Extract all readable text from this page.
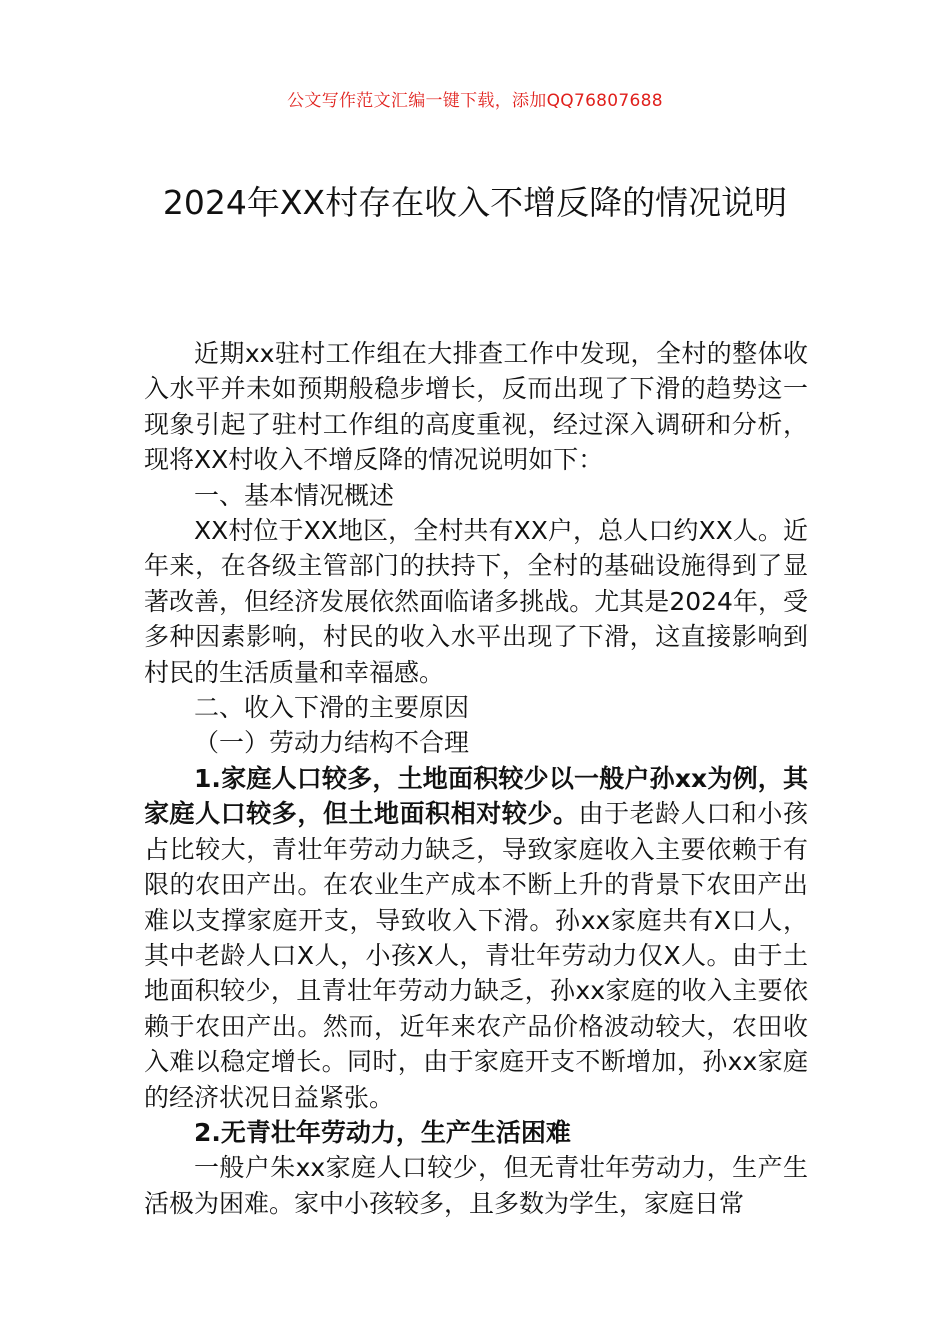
公文写作范文汇编一键下载，添加QQ76807688
2024年XX村存在收入不增反降的情况说明

近期xx驻村工作组在大排查工作中发现，全村的整体收入水平并未如预期般稳步增长，反而出现了下滑的趋势这一现象引起了驻村工作组的高度重视，经过深入调研和分析，现将XX村收入不增反降的情况说明如下：

一、基本情况概述

XX村位于XX地区，全村共有XX户，总人口约XX人。近年来，在各级主管部门的扶持下，全村的基础设施得到了显著改善，但经济发展依然面临诸多挑战。尤其是2024年，受多种因素影响，村民的收入水平出现了下滑，这直接影响到村民的生活质量和幸福感。

二、收入下滑的主要原因

（一）劳动力结构不合理

1.家庭人口较多，土地面积较少以一般户孙xx为例，其家庭人口较多，但土地面积相对较少。由于老龄人口和小孩占比较大，青壮年劳动力缺乏，导致家庭收入主要依赖于有限的农田产出。在农业生产成本不断上升的背景下农田产出难以支撑家庭开支，导致收入下滑。孙xx家庭共有X口人，其中老龄人口X人，小孩X人，青壮年劳动力仅X人。由于土地面积较少，且青壮年劳动力缺乏，孙xx家庭的收入主要依赖于农田产出。然而，近年来农产品价格波动较大，农田收入难以稳定增长。同时，由于家庭开支不断增加，孙xx家庭的经济状况日益紧张。

2.无青壮年劳动力，生产生活困难

一般户朱xx家庭人口较少，但无青壮年劳动力，生产生活极为困难。家中小孩较多，且多数为学生，家庭日常
